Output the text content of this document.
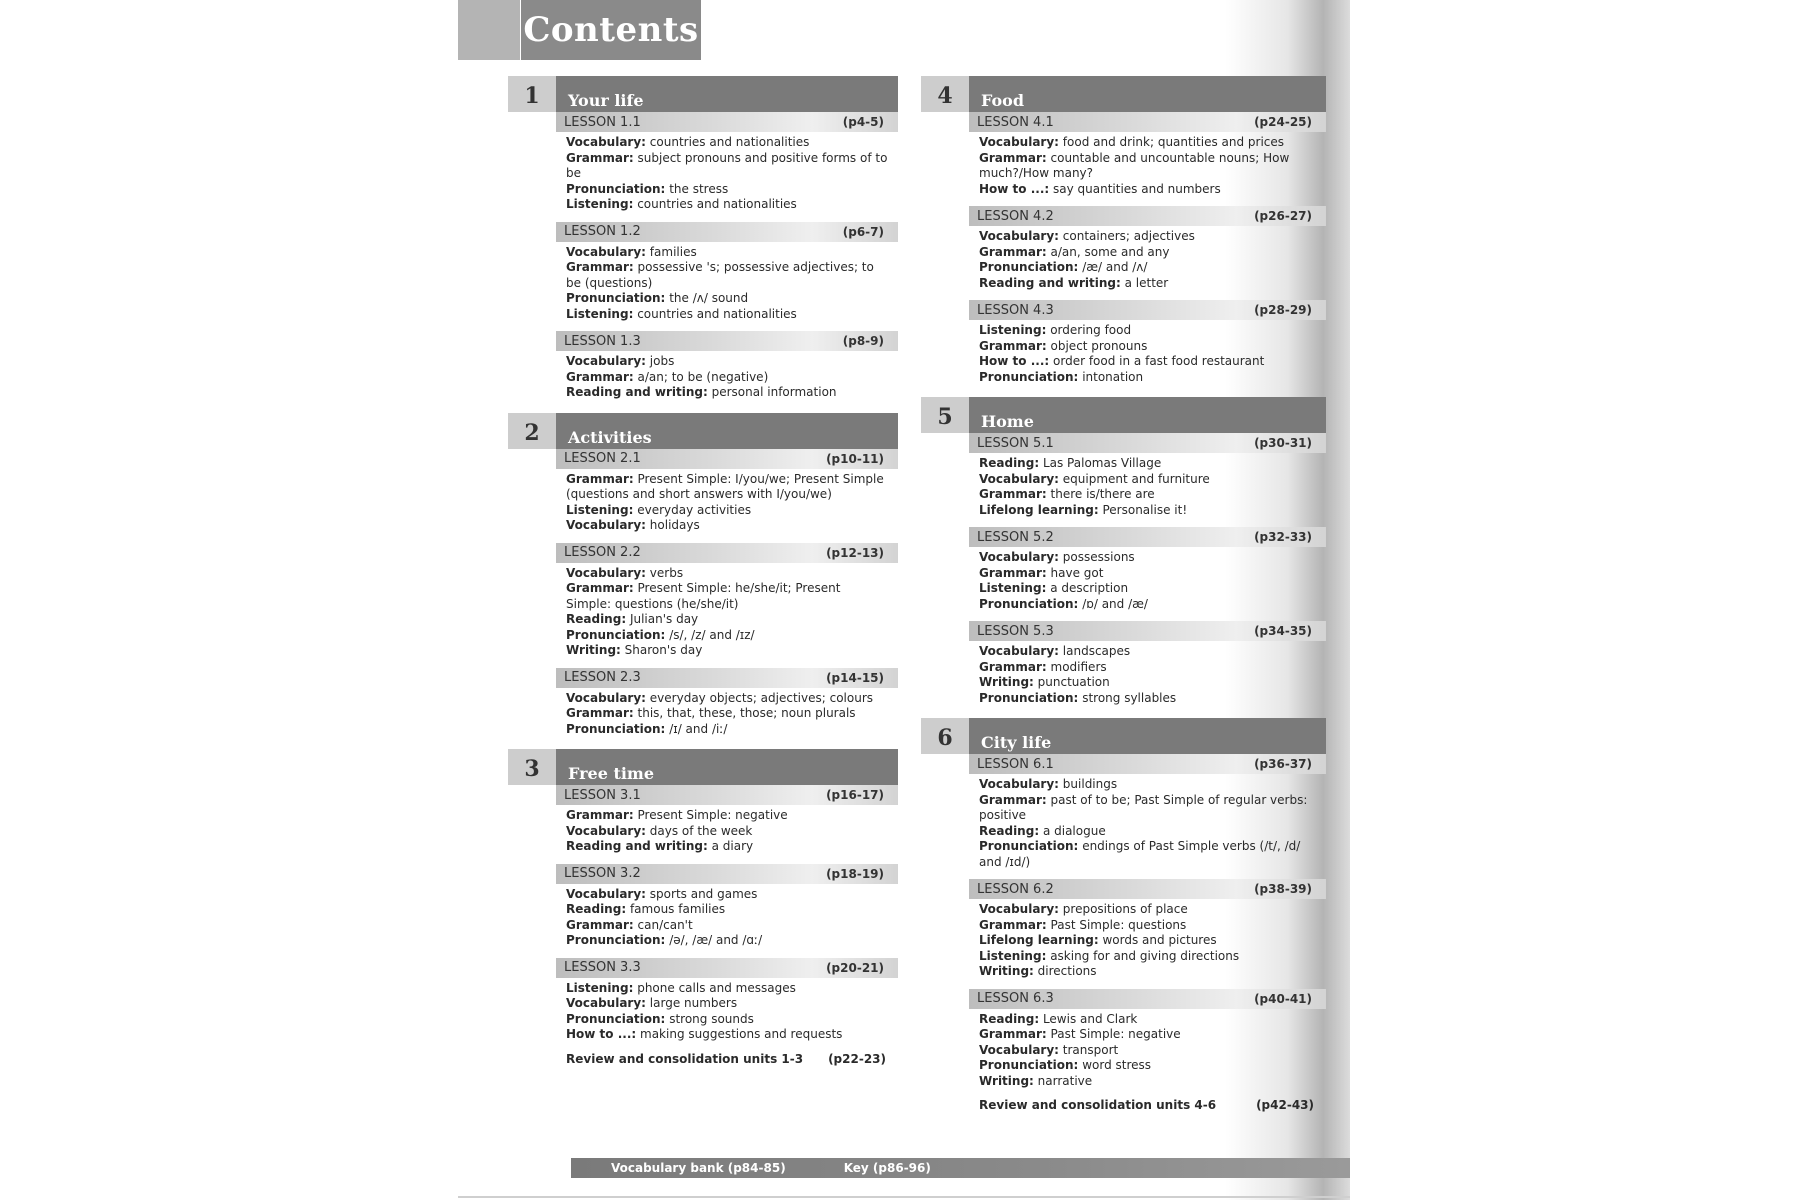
Contents
1	Your life
LESSON 1.1	(p4-5)
Vocabulary: countries and nationalities
Grammar: subject pronouns and positive forms of to be
Pronunciation: the stress
Listening: countries and nationalities
LESSON 1.2	(p6-7)
Vocabulary: families
Grammar: possessive 's; possessive adjectives; to be (questions)
Pronunciation: the /ʌ/ sound
Listening: countries and nationalities
LESSON 1.3	(p8-9)
Vocabulary: jobs
Grammar: a/an; to be (negative)
Reading and writing: personal information
2	Activities
LESSON 2.1	(p10-11)
Grammar: Present Simple: I/you/we; Present Simple (questions and short answers with I/you/we)
Listening: everyday activities
Vocabulary: holidays
LESSON 2.2	(p12-13)
Vocabulary: verbs
Grammar: Present Simple: he/she/it; Present Simple: questions (he/she/it)
Reading: Julian's day
Pronunciation: /s/, /z/ and /ɪz/
Writing: Sharon's day
LESSON 2.3	(p14-15)
Vocabulary: everyday objects; adjectives; colours
Grammar: this, that, these, those; noun plurals
Pronunciation: /ɪ/ and /iː/
3	Free time
LESSON 3.1	(p16-17)
Grammar: Present Simple: negative
Vocabulary: days of the week
Reading and writing: a diary
LESSON 3.2	(p18-19)
Vocabulary: sports and games
Reading: famous families
Grammar: can/can't
Pronunciation: /ə/, /æ/ and /ɑː/
LESSON 3.3	(p20-21)
Listening: phone calls and messages
Vocabulary: large numbers
Pronunciation: strong sounds
How to ...: making suggestions and requests
Review and consolidation units 1-3 (p22-23)
4	Food
LESSON 4.1	(p24-25)
Vocabulary: food and drink; quantities and prices
Grammar: countable and uncountable nouns; How much?/How many?
How to ...: say quantities and numbers
LESSON 4.2	(p26-27)
Vocabulary: containers; adjectives
Grammar: a/an, some and any
Pronunciation: /æ/ and /ʌ/
Reading and writing: a letter
LESSON 4.3	(p28-29)
Listening: ordering food
Grammar: object pronouns
How to ...: order food in a fast food restaurant
Pronunciation: intonation
5	Home
LESSON 5.1	(p30-31)
Reading: Las Palomas Village
Vocabulary: equipment and furniture
Grammar: there is/there are
Lifelong learning: Personalise it!
LESSON 5.2	(p32-33)
Vocabulary: possessions
Grammar: have got
Listening: a description
Pronunciation: /ɒ/ and /æ/
LESSON 5.3	(p34-35)
Vocabulary: landscapes
Grammar: modifiers
Writing: punctuation
Pronunciation: strong syllables
6	City life
LESSON 6.1	(p36-37)
Vocabulary: buildings
Grammar: past of to be; Past Simple of regular verbs: positive
Reading: a dialogue
Pronunciation: endings of Past Simple verbs (/t/, /d/ and /ɪd/)
LESSON 6.2	(p38-39)
Vocabulary: prepositions of place
Grammar: Past Simple: questions
Lifelong learning: words and pictures
Listening: asking for and giving directions
Writing: directions
LESSON 6.3	(p40-41)
Reading: Lewis and Clark
Grammar: Past Simple: negative
Vocabulary: transport
Pronunciation: word stress
Writing: narrative
Review and consolidation units 4-6	(p42-43)
Vocabulary bank (p84-85)	Key (p86-96)
